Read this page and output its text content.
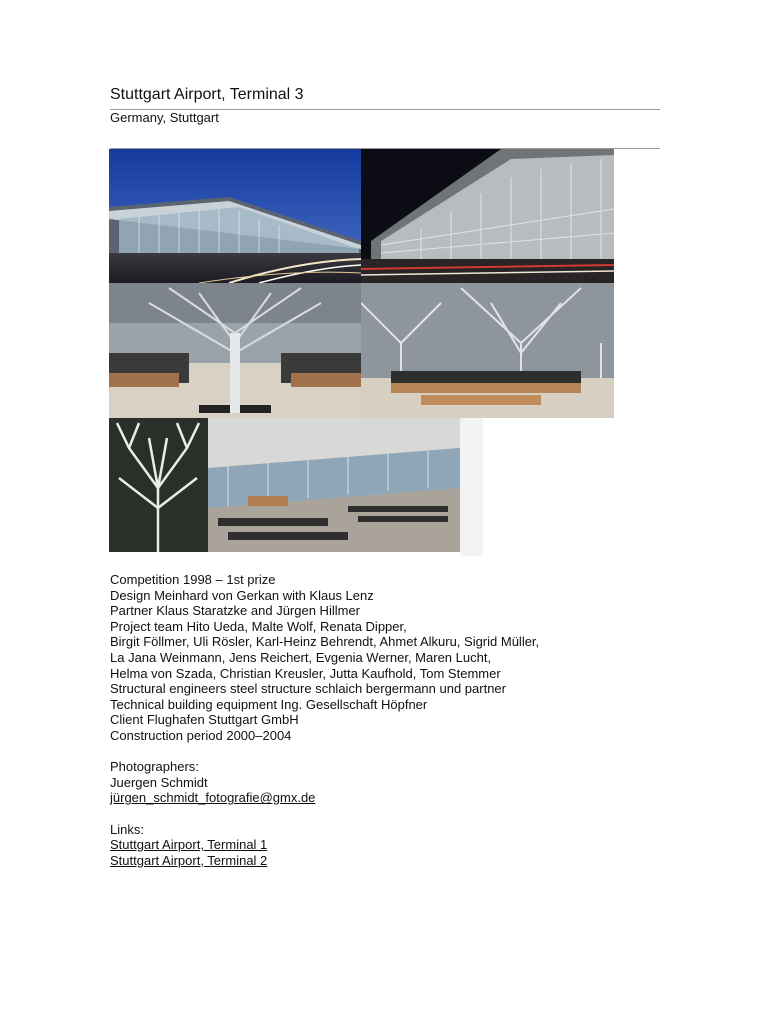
Stuttgart Airport, Terminal 3
Germany, Stuttgart
Competition 1998 – 1st prize
Design Meinhard von Gerkan with Klaus Lenz
Partner Klaus Staratzke and Jürgen Hillmer
Project team Hito Ueda, Malte Wolf, Renata Dipper,
Birgit Föllmer, Uli Rösler, Karl-Heinz Behrendt, Ahmet Alkuru, Sigrid Müller,
La Jana Weinmann, Jens Reichert, Evgenia Werner, Maren Lucht,
Helma von Szada, Christian Kreusler, Jutta Kaufhold, Tom Stemmer
Structural engineers steel structure schlaich bergermann und partner
Technical building equipment Ing. Gesellschaft Höpfner
Client Flughafen Stuttgart GmbH
Construction period 2000–2004
Photographers:
Juergen Schmidt
jürgen_schmidt_fotografie@gmx.de
Links:
Stuttgart Airport, Terminal 1
Stuttgart Airport, Terminal 2
